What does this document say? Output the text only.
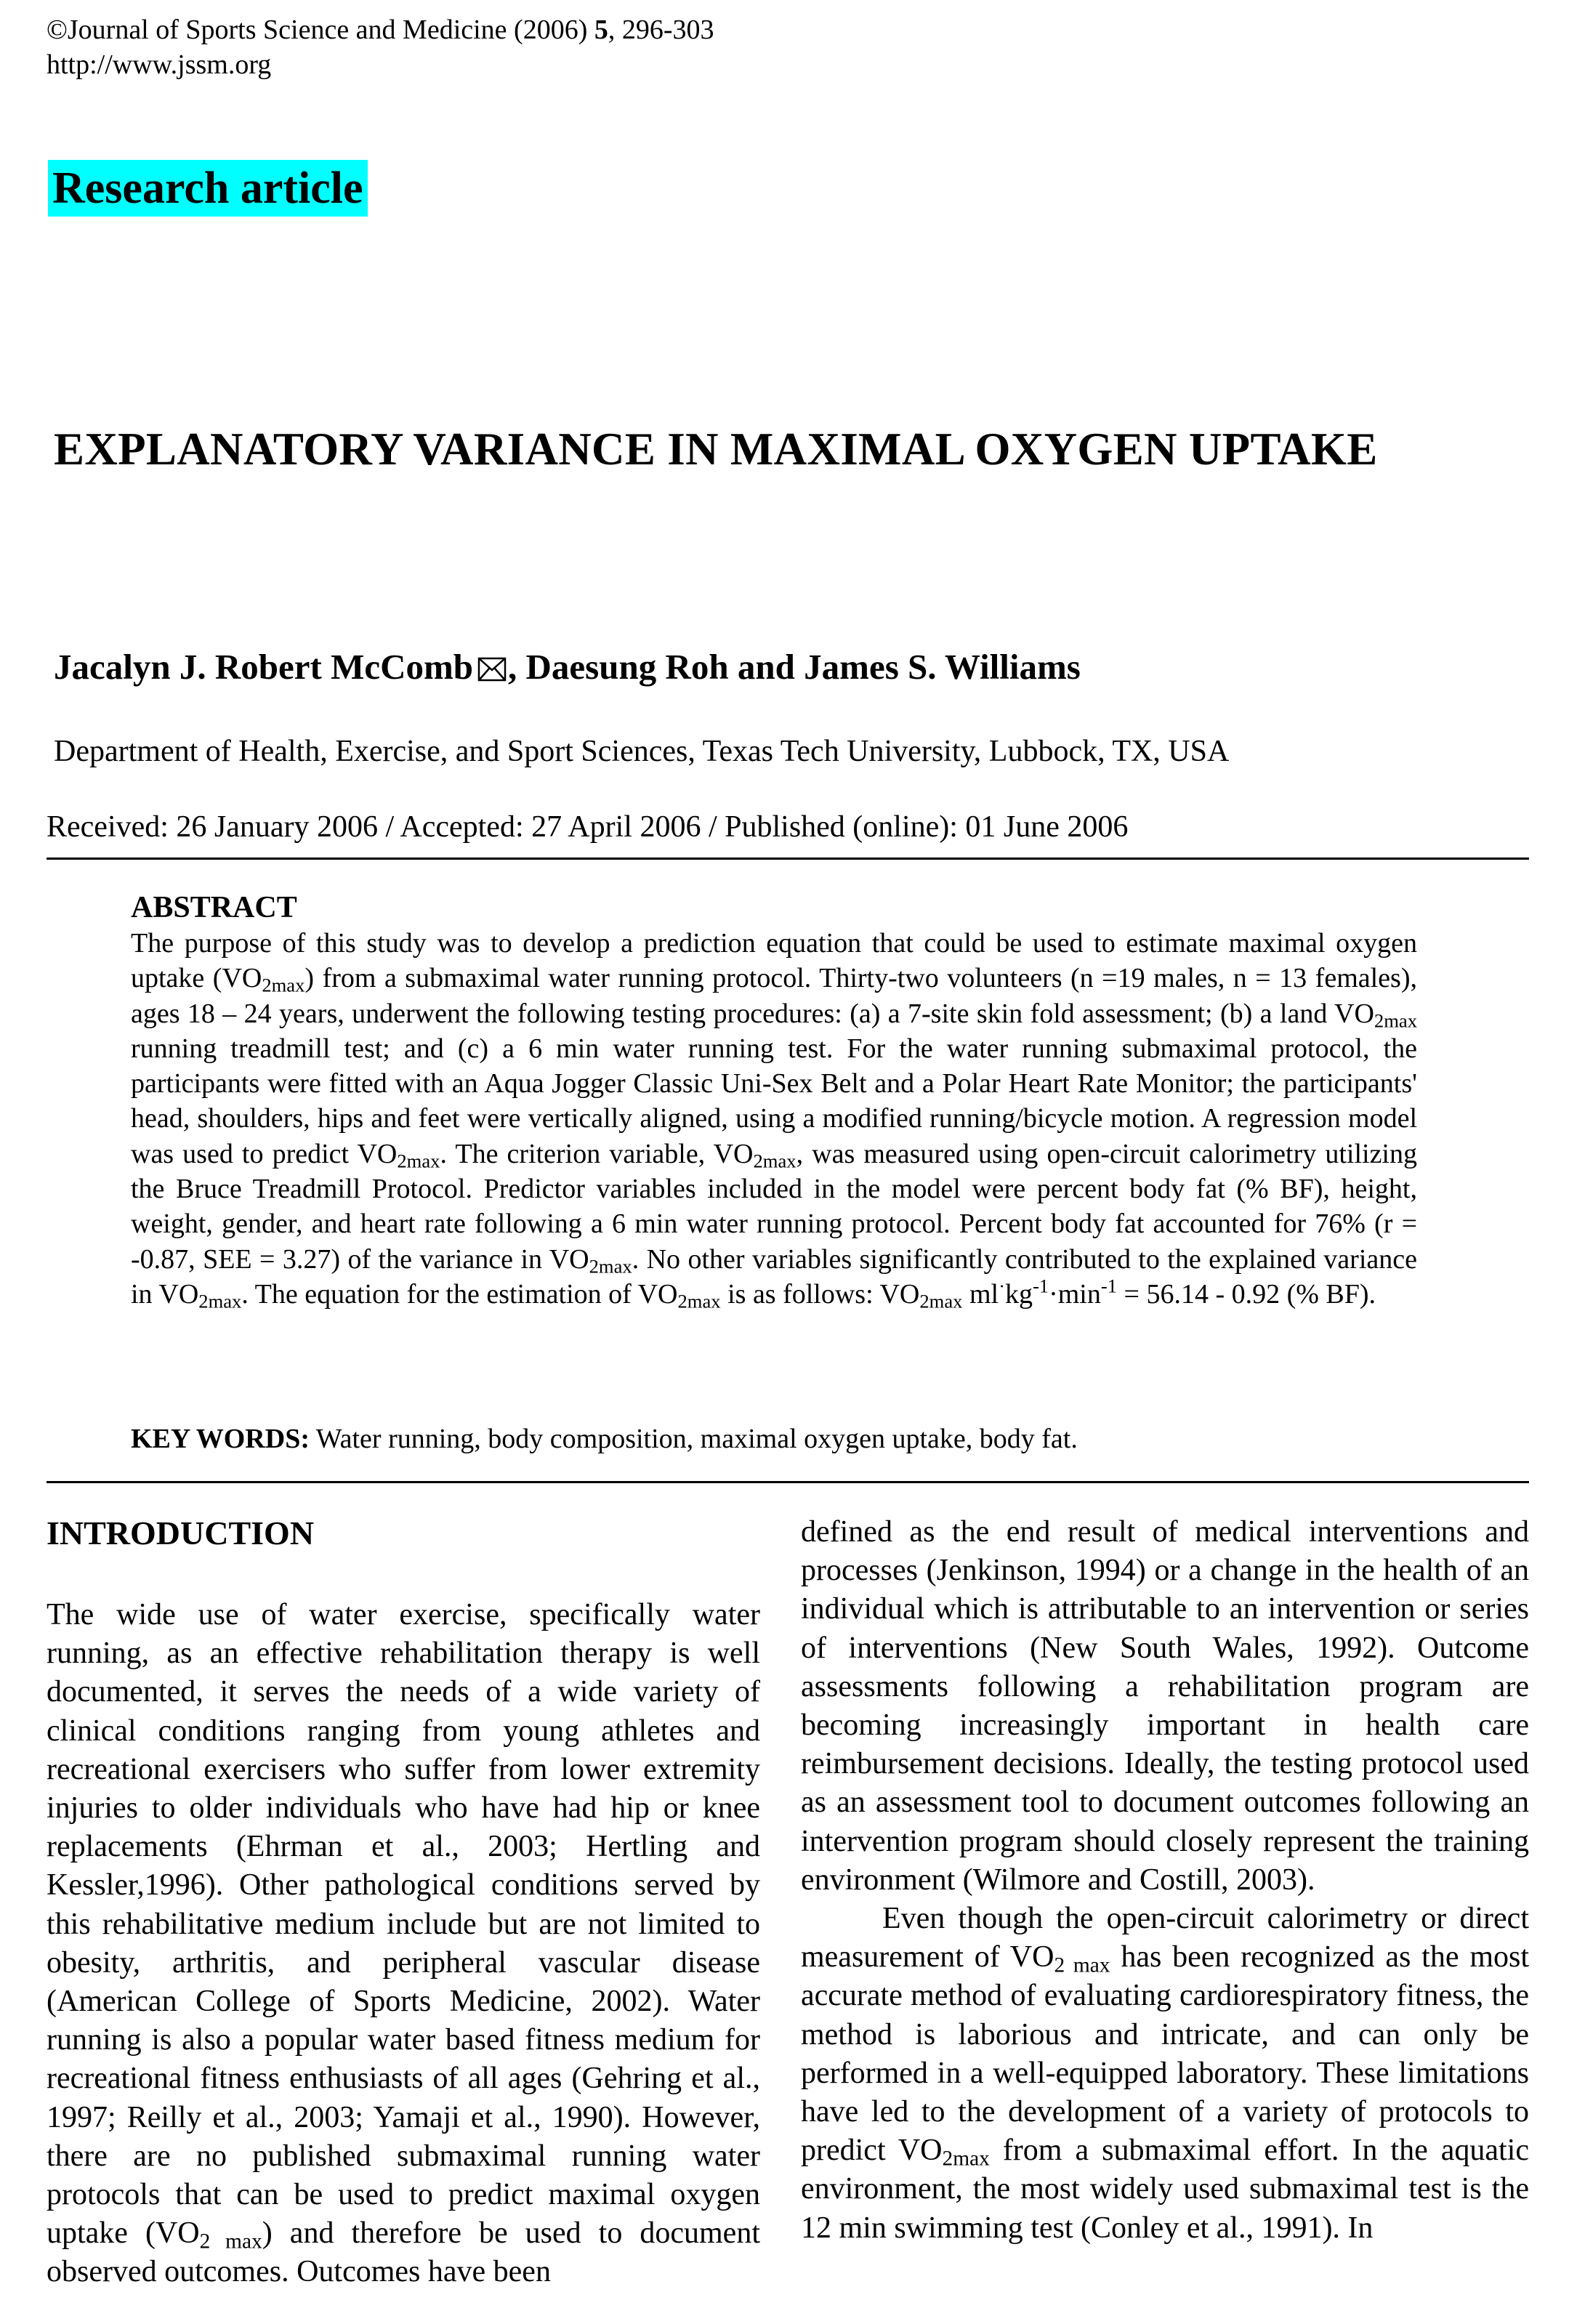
©Journal of Sports Science and Medicine (2006) 5, 296-303
http://www.jssm.org
Research article
EXPLANATORY VARIANCE IN MAXIMAL OXYGEN UPTAKE
Jacalyn J. Robert McComb , Daesung Roh and James S. Williams
Department of Health, Exercise, and Sport Sciences, Texas Tech University, Lubbock, TX, USA
Received: 26 January 2006 / Accepted: 27 April 2006 / Published (online): 01 June 2006
ABSTRACT
The purpose of this study was to develop a prediction equation that could be used to estimate maximal oxygen uptake $(VO_{2max})$ from a submaximal water running protocol. Thirty-two volunteers (n =19 males, n = 13 females), ages 18 – 24 years, underwent the following testing procedures: (a) a 7-site skin fold assessment; (b) a land $VO_{2max}$ running treadmill test; and (c) a 6 min water running test. For the water running submaximal protocol, the participants were fitted with an Aqua Jogger Classic Uni-Sex Belt and a Polar Heart Rate Monitor; the participants' head, shoulders, hips and feet were vertically aligned, using a modified running/bicycle motion. A regression model was used to predict $VO_{2max}$. The criterion variable, $VO_{2max}$, was measured using open-circuit calorimetry utilizing the Bruce Treadmill Protocol. Predictor variables included in the model were percent body fat (% BF), height, weight, gender, and heart rate following a 6 min water running protocol. Percent body fat accounted for 76% (r = -0.87, SEE = 3.27) of the variance in $VO_{2max}$. No other variables significantly contributed to the explained variance in $VO_{2max}$. The equation for the estimation of $VO_{2max}$ is as follows: $VO_{2max}$ $ml^\cdot kg^{-1}\cdot\min^{-1} = 56.14 - 0.92$ (% BF).
KEY WORDS: Water running, body composition, maximal oxygen uptake, body fat.
INTRODUCTION

The wide use of water exercise, specifically water running, as an effective rehabilitation therapy is well documented, it serves the needs of a wide variety of clinical conditions ranging from young athletes and recreational exercisers who suffer from lower extremity injuries to older individuals who have had hip or knee replacements (Ehrman et al., 2003; Hertling and Kessler,1996). Other pathological conditions served by this rehabilitative medium include but are not limited to obesity, arthritis, and peripheral vascular disease (American College of Sports Medicine, 2002). Water running is also a popular water based fitness medium for recreational fitness enthusiasts of all ages (Gehring et al., 1997; Reilly et al., 2003; Yamaji et al., 1990). However, there are no published submaximal running water protocols that can be used to predict maximal oxygen uptake $(VO_{2 max})$ and therefore be used to document observed outcomes. Outcomes have been

defined as the end result of medical interventions and processes (Jenkinson, 1994) or a change in the health of an individual which is attributable to an intervention or series of interventions (New South Wales, 1992). Outcome assessments following a rehabilitation program are becoming increasingly important in health care reimbursement decisions. Ideally, the testing protocol used as an assessment tool to document outcomes following an intervention program should closely represent the training environment (Wilmore and Costill, 2003).

Even though the open-circuit calorimetry or direct measurement of $VO_{2 max}$ has been recognized as the most accurate method of evaluating cardiorespiratory fitness, the method is laborious and intricate, and can only be performed in a well-equipped laboratory. These limitations have led to the development of a variety of protocols to predict $VO_{2max}$ from a submaximal effort. In the aquatic environment, the most widely used submaximal test is the 12 min swimming test (Conley et al., 1991). In
